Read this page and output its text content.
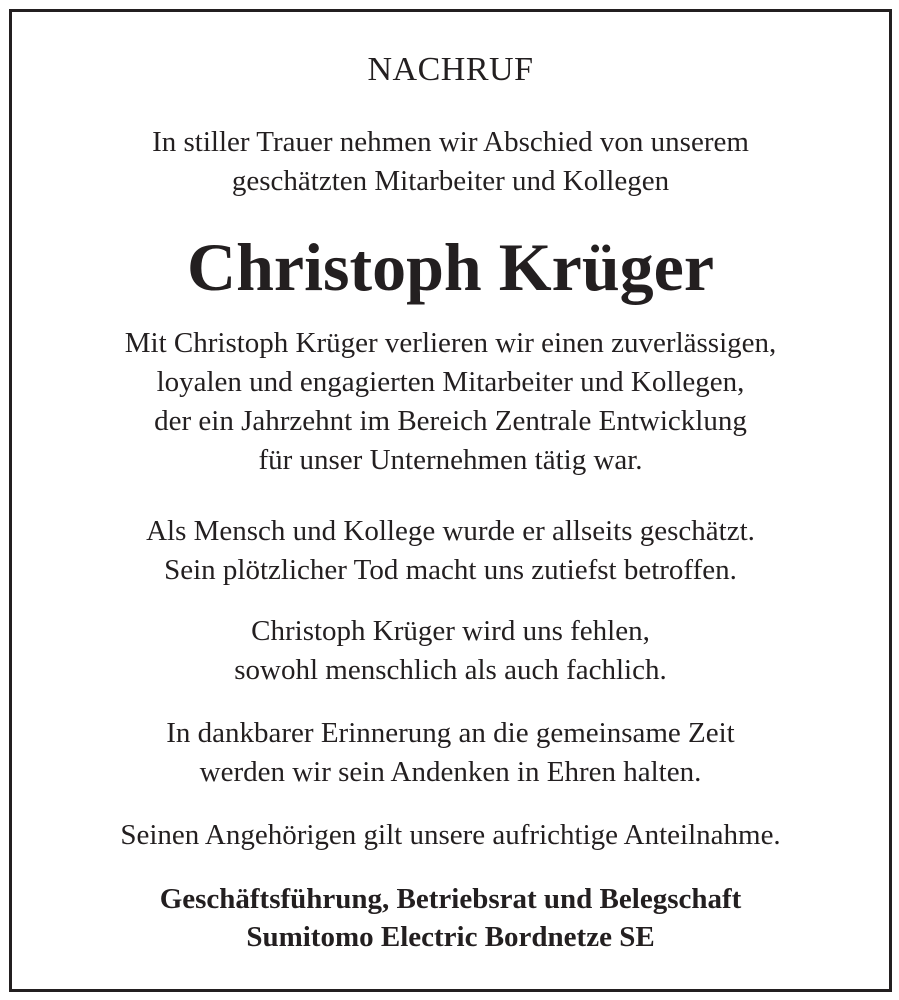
NACHRUF
In stiller Trauer nehmen wir Abschied von unserem
geschätzten Mitarbeiter und Kollegen
Christoph Krüger
Mit Christoph Krüger verlieren wir einen zuverlässigen,
loyalen und engagierten Mitarbeiter und Kollegen,
der ein Jahrzehnt im Bereich Zentrale Entwicklung
für unser Unternehmen tätig war.
Als Mensch und Kollege wurde er allseits geschätzt.
Sein plötzlicher Tod macht uns zutiefst betroffen.
Christoph Krüger wird uns fehlen,
sowohl menschlich als auch fachlich.
In dankbarer Erinnerung an die gemeinsame Zeit
werden wir sein Andenken in Ehren halten.
Seinen Angehörigen gilt unsere aufrichtige Anteilnahme.
Geschäftsführung, Betriebsrat und Belegschaft
Sumitomo Electric Bordnetze SE
